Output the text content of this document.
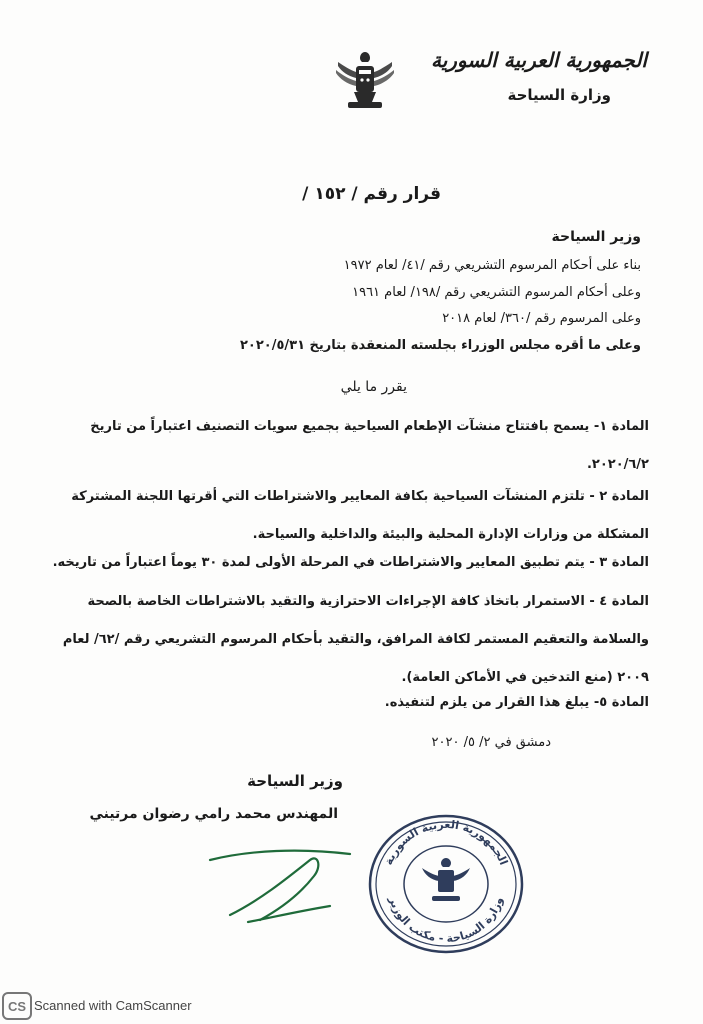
الجمهورية العربية السورية
وزارة السياحة
قرار رقم / ١٥٢ /
وزير السياحة
بناء على أحكام المرسوم التشريعي رقم /٤١/ لعام ١٩٧٢
وعلى أحكام المرسوم التشريعي رقم /١٩٨/ لعام ١٩٦١
وعلى المرسوم رقم /٣٦٠/ لعام ٢٠١٨
وعلى ما أقره مجلس الوزراء بجلسته المنعقدة بتاريخ ٢٠٢٠/٥/٣١
يقرر ما يلي
المادة ١- يسمح بافتتاح منشآت الإطعام السياحية بجميع سويات التصنيف اعتباراً من تاريخ ٢٠٢٠/٦/٢.
المادة ٢ - تلتزم المنشآت السياحية بكافة المعايير والاشتراطات التي أقرتها اللجنة المشتركة المشكلة من وزارات الإدارة المحلية والبيئة والداخلية والسياحة.
المادة ٣ - يتم تطبيق المعايير والاشتراطات في المرحلة الأولى لمدة ٣٠ يوماً اعتباراً من تاريخه.
المادة ٤ - الاستمرار باتخاذ كافة الإجراءات الاحترازية والتقيد بالاشتراطات الخاصة بالصحة والسلامة والتعقيم المستمر لكافة المرافق، والتقيد بأحكام المرسوم التشريعي رقم /٦٢/ لعام ٢٠٠٩ (منع التدخين في الأماكن العامة).
المادة ٥- يبلغ هذا القرار من يلزم لتنفيذه.
دمشق في ٢/ ٥/ ٢٠٢٠
وزير السياحة
المهندس محمد رامي رضوان مرتيني
الجمهورية العربية السورية
وزارة السياحة - مكتب الوزير
CS Scanned with CamScanner
